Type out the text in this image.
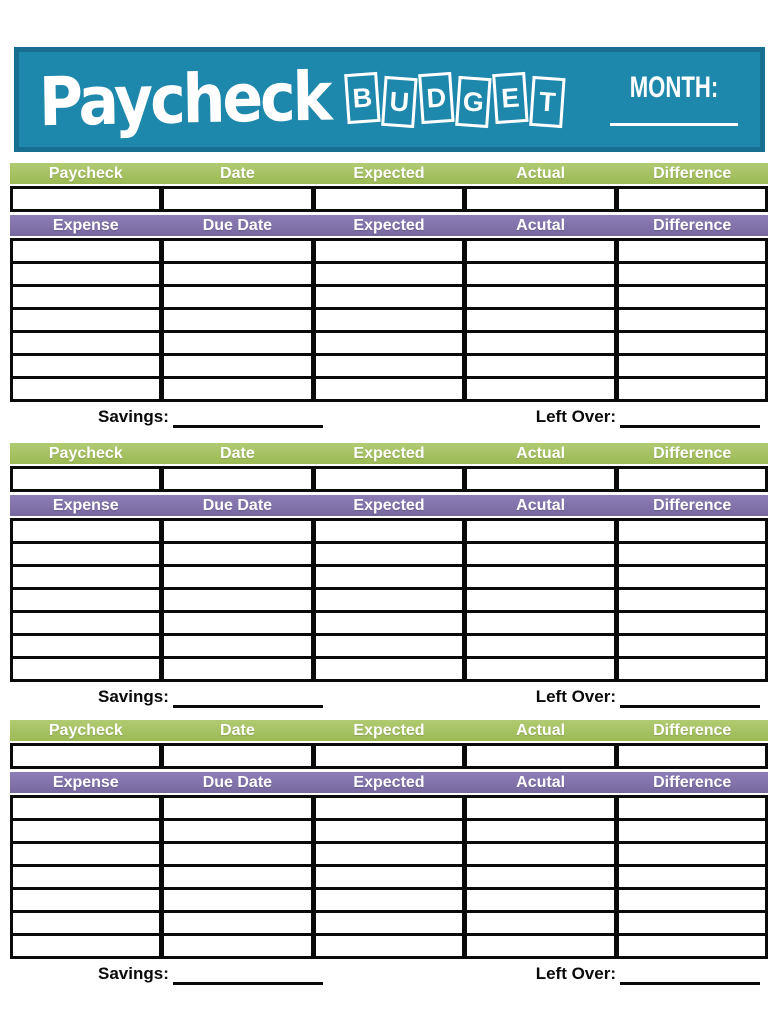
Paycheck B U D G E T	MONTH:
Paycheck	Date	Expected	Actual	Difference
Expense	Due Date	Expected	Acutal	Difference
Savings:	Left Over:
Paycheck	Date	Expected	Actual	Difference
Expense	Due Date	Expected	Acutal	Difference
Savings:	Left Over:
Paycheck	Date	Expected	Actual	Difference
Expense	Due Date	Expected	Acutal	Difference
Savings:	Left Over:
